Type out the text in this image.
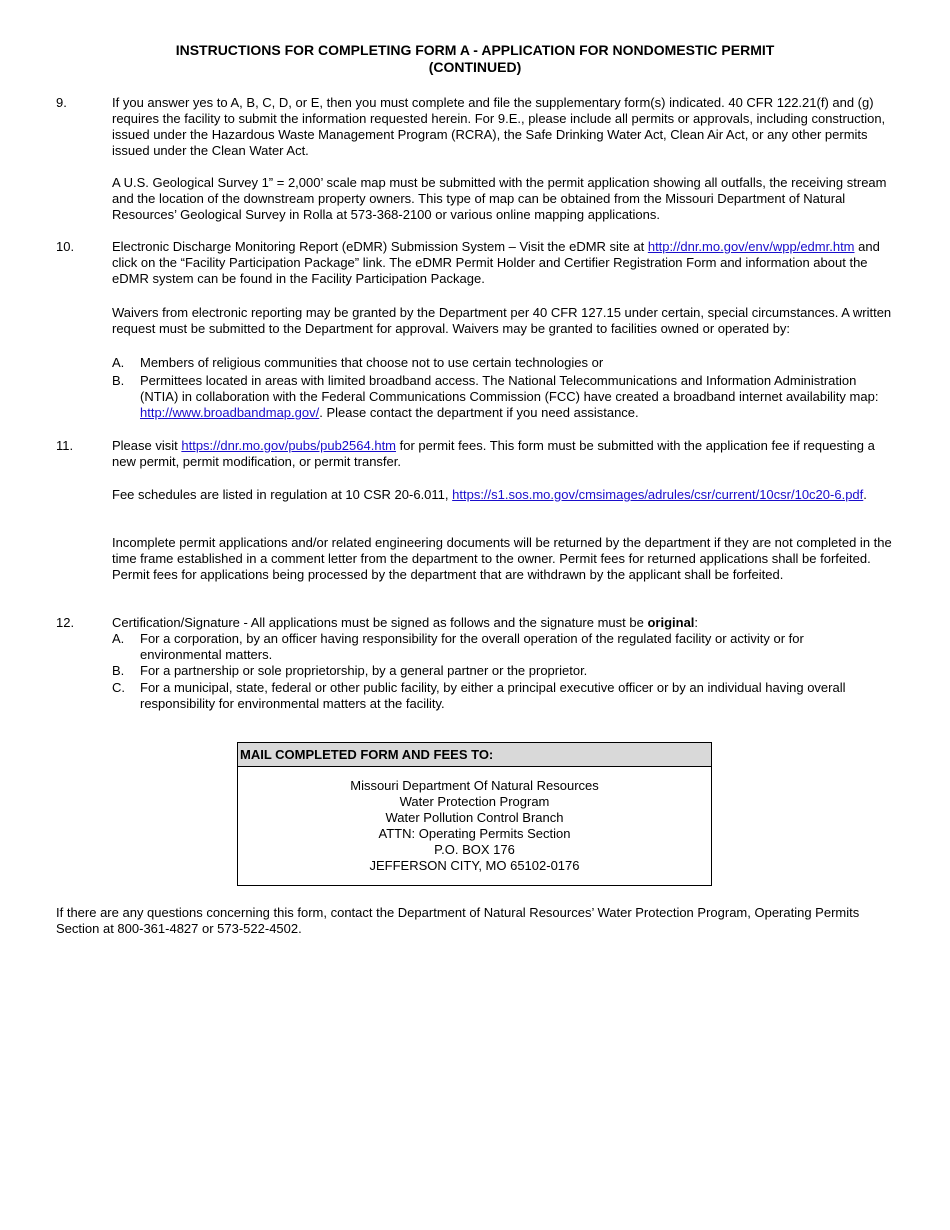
INSTRUCTIONS FOR COMPLETING FORM A - APPLICATION FOR NONDOMESTIC PERMIT
(CONTINUED)
9.	If you answer yes to A, B, C, D, or E, then you must complete and file the supplementary form(s) indicated. 40 CFR 122.21(f) and (g) requires the facility to submit the information requested herein. For 9.E., please include all permits or approvals, including construction, issued under the Hazardous Waste Management Program (RCRA), the Safe Drinking Water Act, Clean Air Act, or any other permits issued under the Clean Water Act.
A U.S. Geological Survey 1” = 2,000’ scale map must be submitted with the permit application showing all outfalls, the receiving stream and the location of the downstream property owners. This type of map can be obtained from the Missouri Department of Natural Resources’ Geological Survey in Rolla at 573-368-2100 or various online mapping applications.
10.	Electronic Discharge Monitoring Report (eDMR) Submission System – Visit the eDMR site at http://dnr.mo.gov/env/wpp/edmr.htm and click on the “Facility Participation Package” link. The eDMR Permit Holder and Certifier Registration Form and information about the eDMR system can be found in the Facility Participation Package.
Waivers from electronic reporting may be granted by the Department per 40 CFR 127.15 under certain, special circumstances. A written request must be submitted to the Department for approval. Waivers may be granted to facilities owned or operated by:
A. Members of religious communities that choose not to use certain technologies or
B. Permittees located in areas with limited broadband access. The National Telecommunications and Information Administration (NTIA) in collaboration with the Federal Communications Commission (FCC) have created a broadband internet availability map: http://www.broadbandmap.gov/. Please contact the department if you need assistance.
11.	Please visit https://dnr.mo.gov/pubs/pub2564.htm for permit fees. This form must be submitted with the application fee if requesting a new permit, permit modification, or permit transfer.
Fee schedules are listed in regulation at 10 CSR 20-6.011, https://s1.sos.mo.gov/cmsimages/adrules/csr/current/10csr/10c20-6.pdf.
Incomplete permit applications and/or related engineering documents will be returned by the department if they are not completed in the time frame established in a comment letter from the department to the owner. Permit fees for returned applications shall be forfeited. Permit fees for applications being processed by the department that are withdrawn by the applicant shall be forfeited.
12.	Certification/Signature - All applications must be signed as follows and the signature must be original:
A. For a corporation, by an officer having responsibility for the overall operation of the regulated facility or activity or for environmental matters.
B. For a partnership or sole proprietorship, by a general partner or the proprietor.
C. For a municipal, state, federal or other public facility, by either a principal executive officer or by an individual having overall responsibility for environmental matters at the facility.
MAIL COMPLETED FORM AND FEES TO:
Missouri Department Of Natural Resources
Water Protection Program
Water Pollution Control Branch
ATTN: Operating Permits Section
P.O. BOX 176
JEFFERSON CITY, MO 65102-0176
If there are any questions concerning this form, contact the Department of Natural Resources’ Water Protection Program, Operating Permits Section at 800-361-4827 or 573-522-4502.
